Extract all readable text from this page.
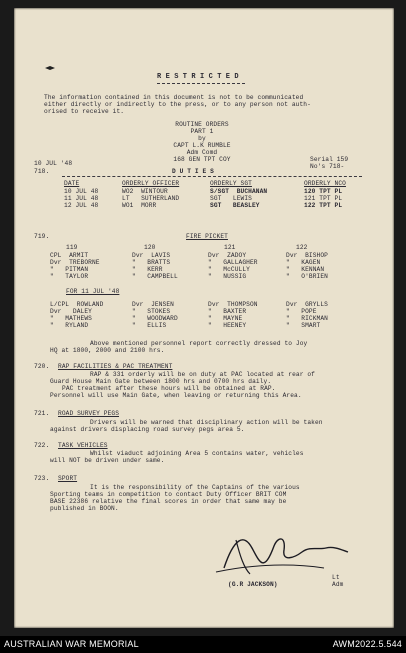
R E S T R I C T E D
The information contained in this document is not to be communicated
either directly or indirectly to the press, or to any person not auth-
orised to receive it.
ROUTINE ORDERS
PART 1
by
CAPT L.K RUMBLE
Adm Comd
168 GEN TPT COY
10 JUL '48
Serial 159
No's 718-
718.	D U T I E S
DATE	ORDERLY OFFICER	ORDERLY SGT	ORDERLY NCO
10 JUL 48	WO2  WINTOUR	S/SGT  BUCHANAN	120 TPT PL
11 JUL 48	LT   SUTHERLAND	SGT   LEWIS	121 TPT PL
12 JUL 48	WO1  MORR	SGT   BEASLEY	122 TPT PL
719.	FIRE PICKET
119	120	121	122
CPL  ARMIT	Dvr  LAVIS	Dvr  ZADOY	Dvr  BISHOP
Dvr  TREBORNE	"   BRATTS	"   GALLAGHER	"   KAGEN
"   PITMAN	"   KERR	"   McCULLY	"   KENNAN
"   TAYLOR	"   CAMPBELL	"   NUSSIG	"   O'BRIEN
FOR 11 JUL '48
L/CPL  ROWLAND	Dvr  JENSEN	Dvr  THOMPSON	Dvr  GRYLLS
Dvr   DALEY	"   STOKES	"   BAXTER	"   POPE
"   MATHEWS	"   WOODWARD	"   MAYNE	"   RICKMAN
"   RYLAND	"   ELLIS	"   HEENEY	"   SMART
Above mentioned personnel report correctly dressed to Joy
HQ at 1800, 2000 and 2100 hrs.
720. RAP FACILITIES & PAC TREATMENT
RAP & 331 orderly will be on duty at PAC located at rear of
Guard House Main Gate between 1800 hrs and 0700 hrs daily.
PAC treatment after these hours will be obtained at RAP.
Personnel will use Main Gate, when leaving or returning this Area.
721. ROAD SURVEY PEGS
Drivers will be warned that disciplinary action will be taken
against drivers displacing road survey pegs area 5.
722. TASK VEHICLES
Whilst viaduct adjoining Area 5 contains water, vehicles
will NOT be driven under same.
723. SPORT
It is the responsibility of the Captains of the various
Sporting teams in competition to contact Duty Officer BRIT COM
BASE 22386 relative the final scores in order that same may be
published in BOON.
Lt
(G.R JACKSON)	Adm
AUSTRALIAN WAR MEMORIAL	AWM2022.5.544
